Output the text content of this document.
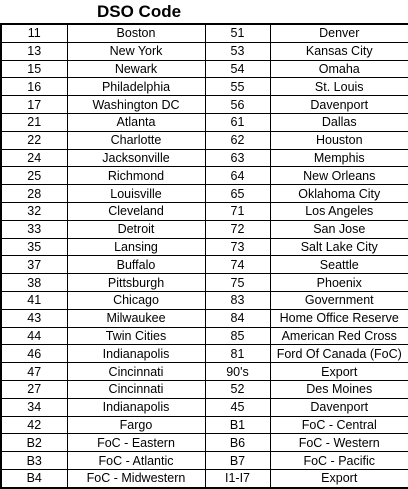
DSO Code
11	Boston	51	Denver
13	New York	53	Kansas City
15	Newark	54	Omaha
16	Philadelphia	55	St. Louis
17	Washington DC	56	Davenport
21	Atlanta	61	Dallas
22	Charlotte	62	Houston
24	Jacksonville	63	Memphis
25	Richmond	64	New Orleans
28	Louisville	65	Oklahoma City
32	Cleveland	71	Los Angeles
33	Detroit	72	San Jose
35	Lansing	73	Salt Lake City
37	Buffalo	74	Seattle
38	Pittsburgh	75	Phoenix
41	Chicago	83	Government
43	Milwaukee	84	Home Office Reserve
44	Twin Cities	85	American Red Cross
46	Indianapolis	81	Ford Of Canada (FoC)
47	Cincinnati	90's	Export
27	Cincinnati	52	Des Moines
34	Indianapolis	45	Davenport
42	Fargo	B1	FoC - Central
B2	FoC - Eastern	B6	FoC - Western
B3	FoC - Atlantic	B7	FoC - Pacific
B4	FoC - Midwestern	I1-I7	Export
